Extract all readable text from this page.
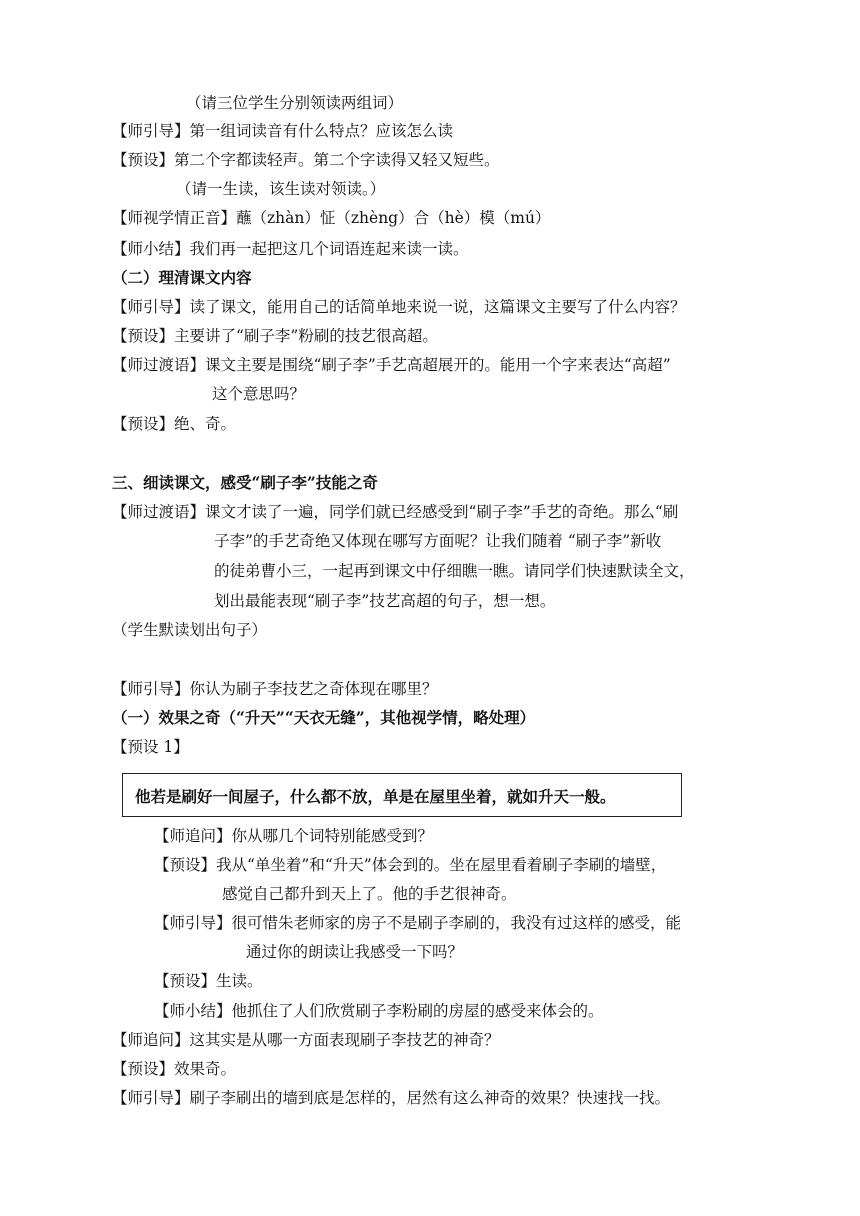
（请三位学生分别领读两组词）
【师引导】第一组词读音有什么特点？应该怎么读
【预设】第二个字都读轻声。第二个字读得又轻又短些。
（请一生读，该生读对领读。）
【师视学情正音】蘸（zhàn）怔（zhèng）合（hè）模（mú）
【师小结】我们再一起把这几个词语连起来读一读。
（二）理清课文内容
【师引导】读了课文，能用自己的话简单地来说一说，这篇课文主要写了什么内容？
【预设】主要讲了“刷子李”粉刷的技艺很高超。
【师过渡语】课文主要是围绕“刷子李”手艺高超展开的。能用一个字来表达“高超”
这个意思吗？
【预设】绝、奇。
三、细读课文，感受“刷子李”技能之奇
【师过渡语】课文才读了一遍，同学们就已经感受到“刷子李”手艺的奇绝。那么“刷
子李”的手艺奇绝又体现在哪写方面呢？让我们随着 “刷子李”新收
的徒弟曹小三，一起再到课文中仔细瞧一瞧。请同学们快速默读全文，
划出最能表现“刷子李”技艺高超的句子，想一想。
（学生默读划出句子）
【师引导】你认为刷子李技艺之奇体现在哪里？
（一）效果之奇（“升天”“天衣无缝”，其他视学情，略处理）
【预设 1】
他若是刷好一间屋子，什么都不放，单是在屋里坐着，就如升天一般。
【师追问】你从哪几个词特别能感受到？
【预设】我从“单坐着”和“升天”体会到的。坐在屋里看着刷子李刷的墙壁，
感觉自己都升到天上了。他的手艺很神奇。
【师引导】很可惜朱老师家的房子不是刷子李刷的，我没有过这样的感受，能
通过你的朗读让我感受一下吗？
【预设】生读。
【师小结】他抓住了人们欣赏刷子李粉刷的房屋的感受来体会的。
【师追问】这其实是从哪一方面表现刷子李技艺的神奇？
【预设】效果奇。
【师引导】刷子李刷出的墙到底是怎样的，居然有这么神奇的效果？快速找一找。
